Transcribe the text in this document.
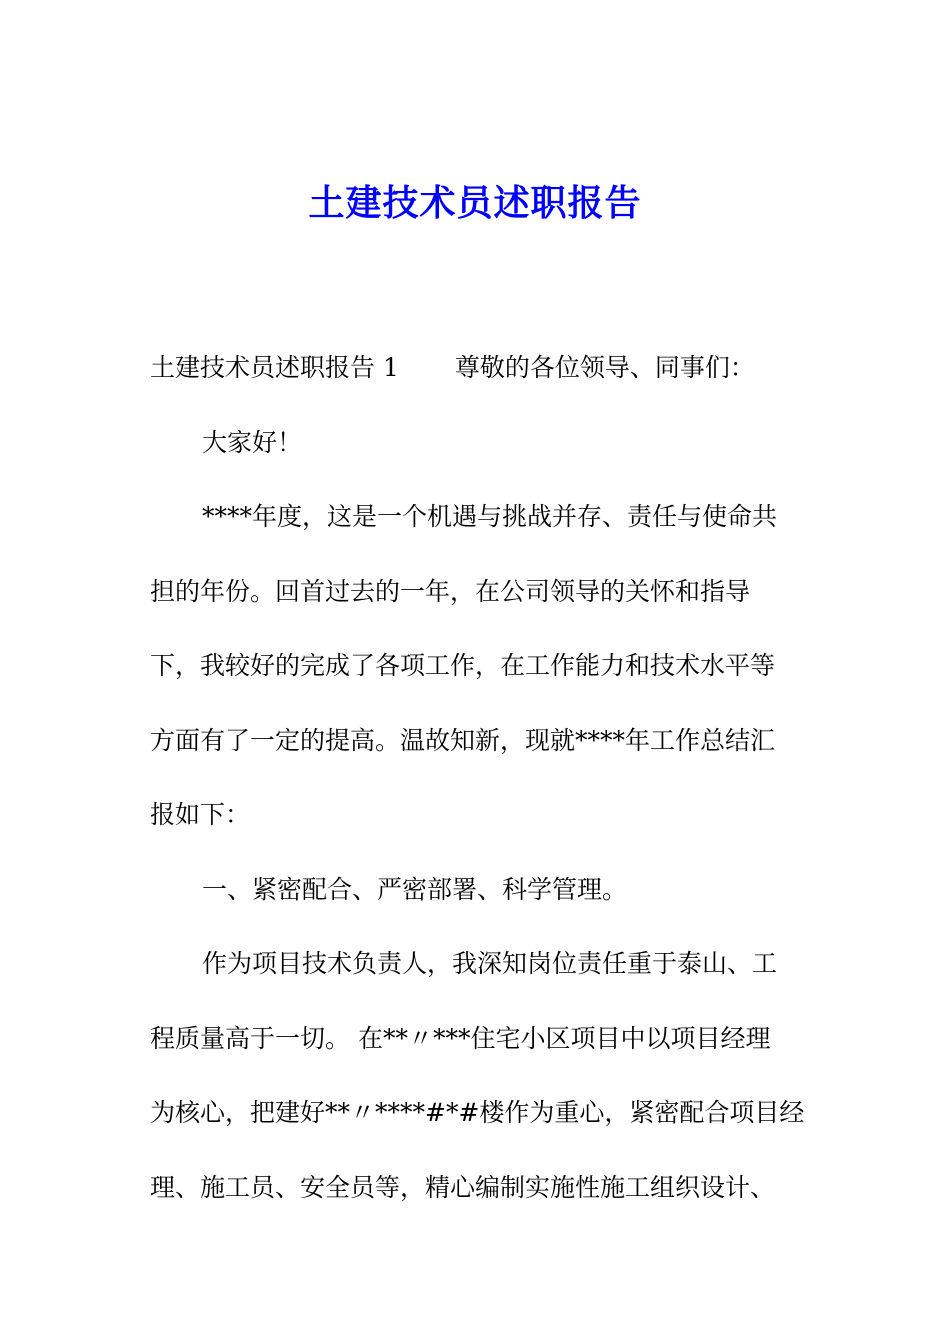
土建技术员述职报告
土建技术员述职报告 1 尊敬的各位领导、同事们：
大家好！
****年度，这是一个机遇与挑战并存、责任与使命共
担的年份。回首过去的一年，在公司领导的关怀和指导
下，我较好的完成了各项工作，在工作能力和技术水平等
方面有了一定的提高。温故知新，现就****年工作总结汇
报如下：
一、紧密配合、严密部署、科学管理。
作为项目技术负责人，我深知岗位责任重于泰山、工
程质量高于一切。 在**〃***住宅小区项目中以项目经理
为核心，把建好**〃****#*#楼作为重心，紧密配合项目经
理、施工员、安全员等，精心编制实施性施工组织设计、
